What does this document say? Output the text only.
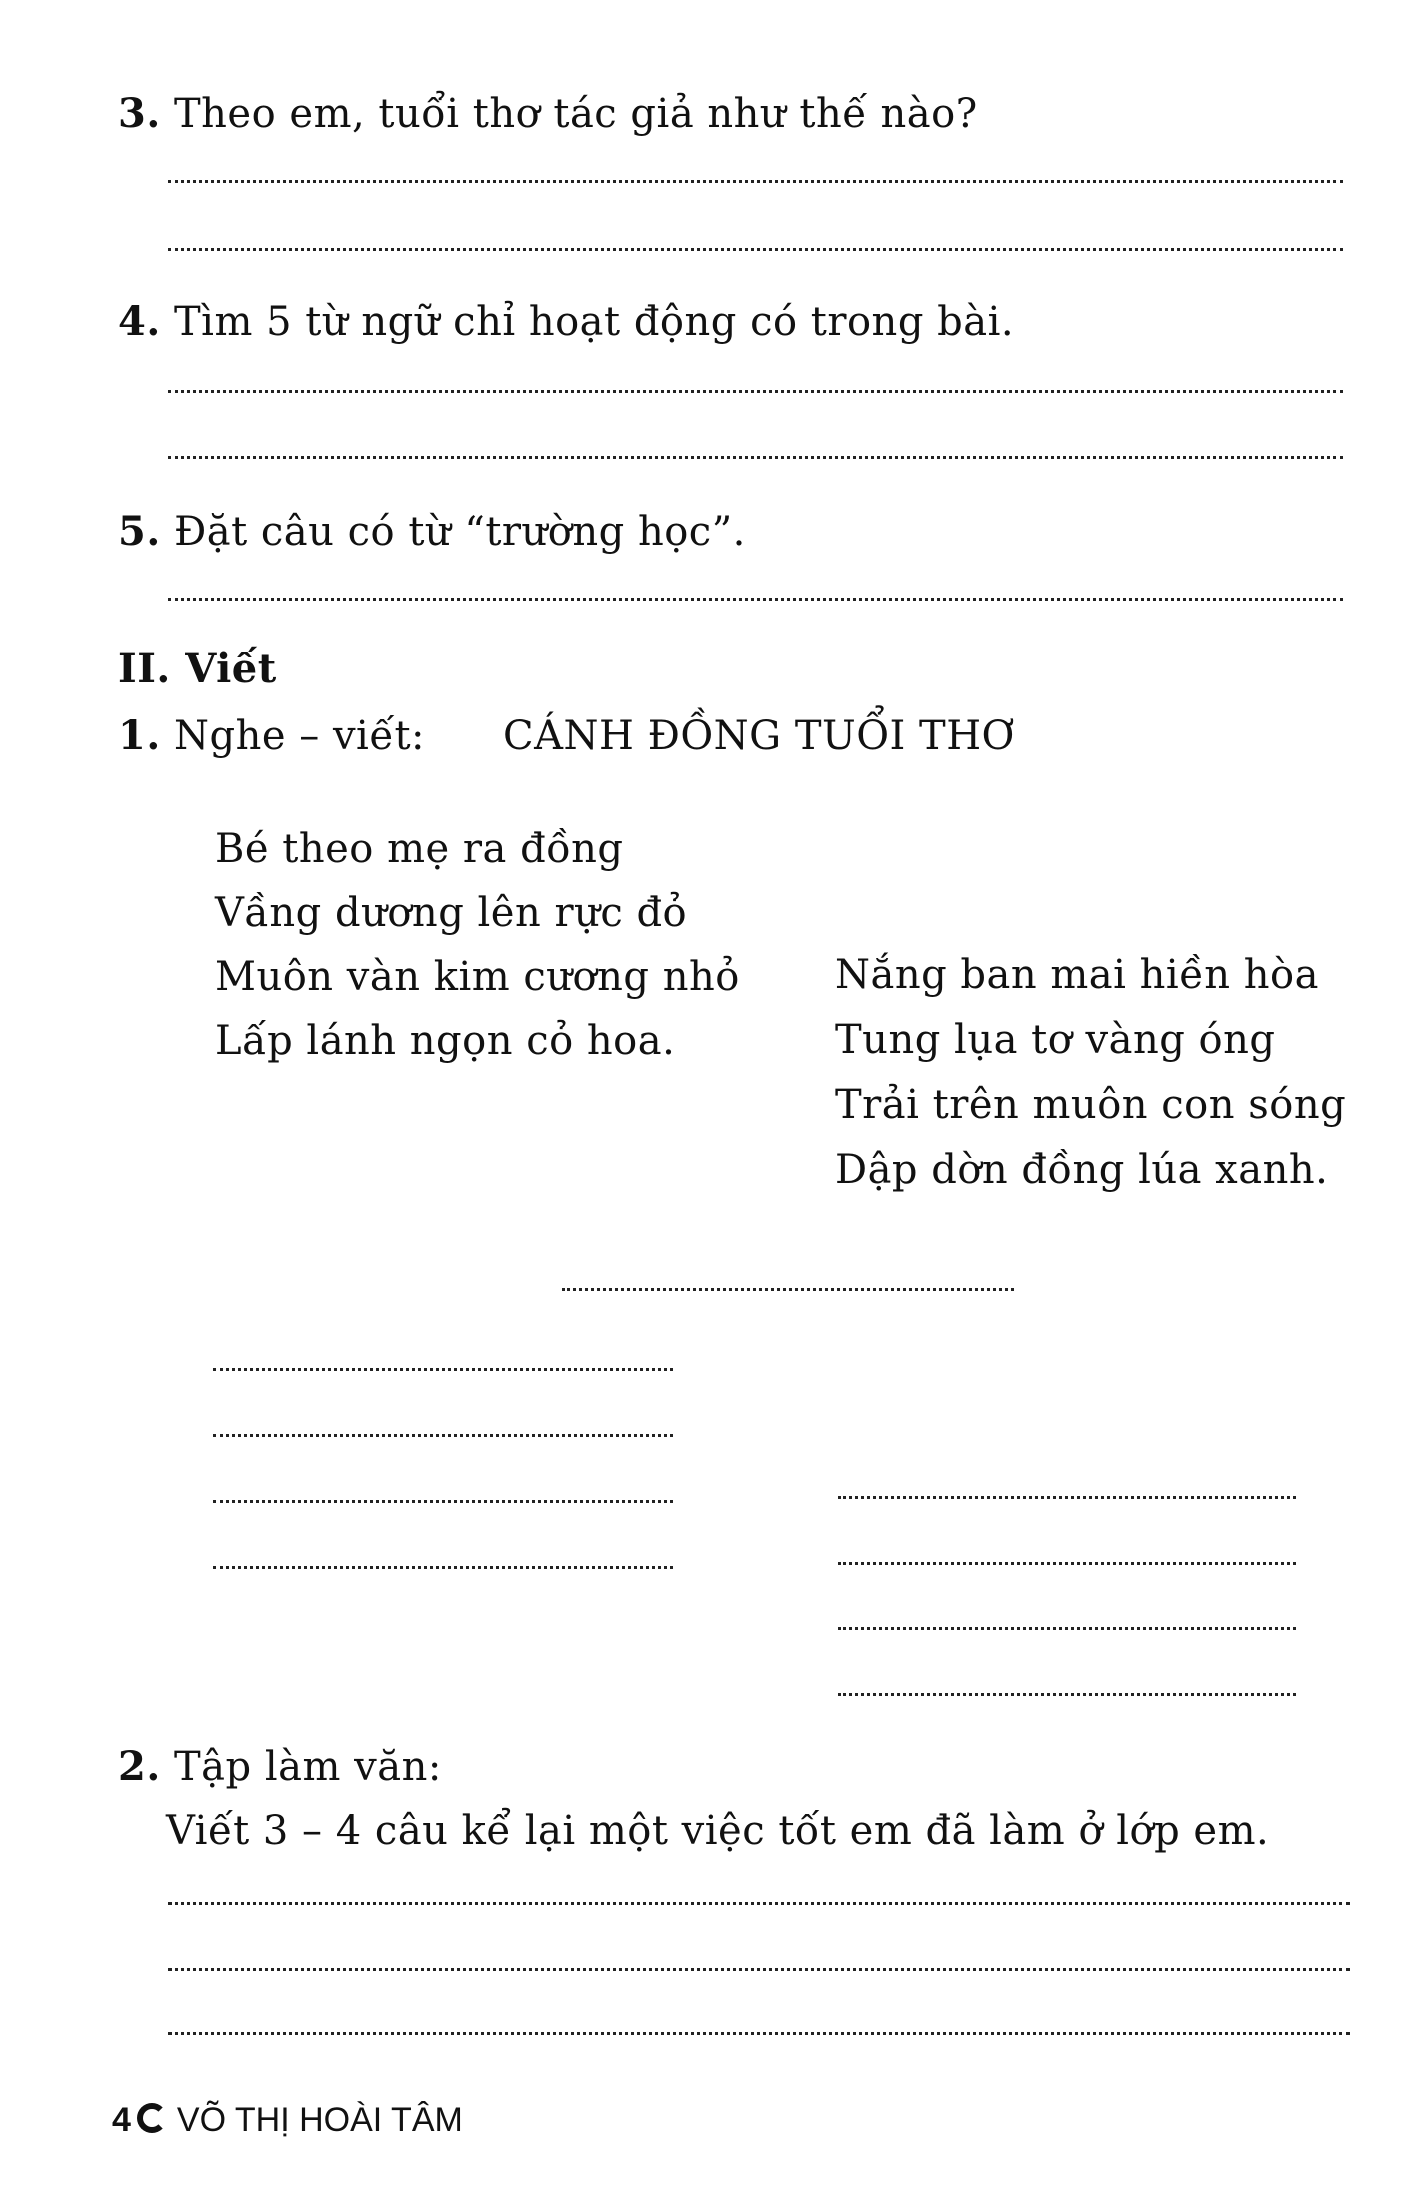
3. Theo em, tuổi thơ tác giả như thế nào?
4. Tìm 5 từ ngữ chỉ hoạt động có trong bài.
5. Đặt câu có từ “trường học”.
II. Viết
1. Nghe – viết: CÁNH ĐỒNG TUỔI THƠ
Bé theo mẹ ra đồng
Vầng dương lên rực đỏ
Muôn vàn kim cương nhỏ
Lấp lánh ngọn cỏ hoa.
Nắng ban mai hiền hòa
Tung lụa tơ vàng óng
Trải trên muôn con sóng
Dập dờn đồng lúa xanh.
2. Tập làm văn:
Viết 3 – 4 câu kể lại một việc tốt em đã làm ở lớp em.
4 VÕ THỊ HOÀI TÂM
